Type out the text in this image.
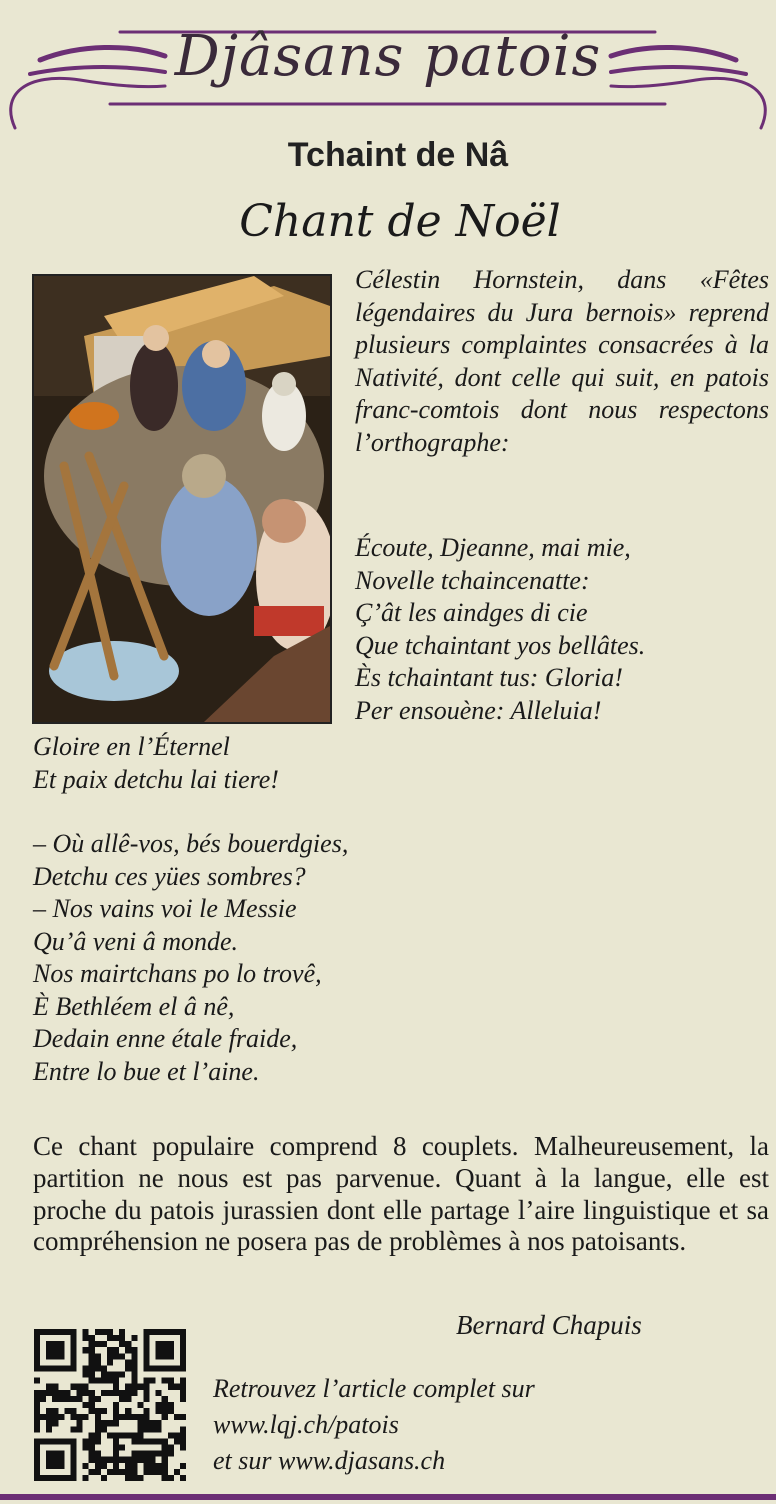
Djâsans patois
Tchaint de Nâ
Chant de Noël
Célestin Hornstein, dans «Fêtes légendaires du Jura bernois» reprend plusieurs complaintes consacrées à la Nativité, dont celle qui suit, en patois franc-comtois dont nous respectons l’orthographe:
Écoute, Djeanne, mai mie,
Novelle tchaincenatte:
Ç’ât les aindges di cie
Que tchaintant yos bellâtes.
Ès tchaintant tus: Gloria!
Per ensouène: Alleluia!
Gloire en l’Éternel
Et paix detchu lai tiere!
– Où allê-vos, bés bouerdgies,
Detchu ces yües sombres?
– Nos vains voi le Messie
Qu’â veni â monde.
Nos mairtchans po lo trovê,
È Bethléem el â nê,
Dedain enne étale fraide,
Entre lo bue et l’aine.
Ce chant populaire comprend 8 couplets. Malheureusement, la partition ne nous est pas parvenue. Quant à la langue, elle est proche du patois jurassien dont elle partage l’aire linguistique et sa compréhension ne posera pas de problèmes à nos patoisants.
Bernard Chapuis
Retrouvez l’article complet sur
www.lqj.ch/patois
et sur www.djasans.ch
